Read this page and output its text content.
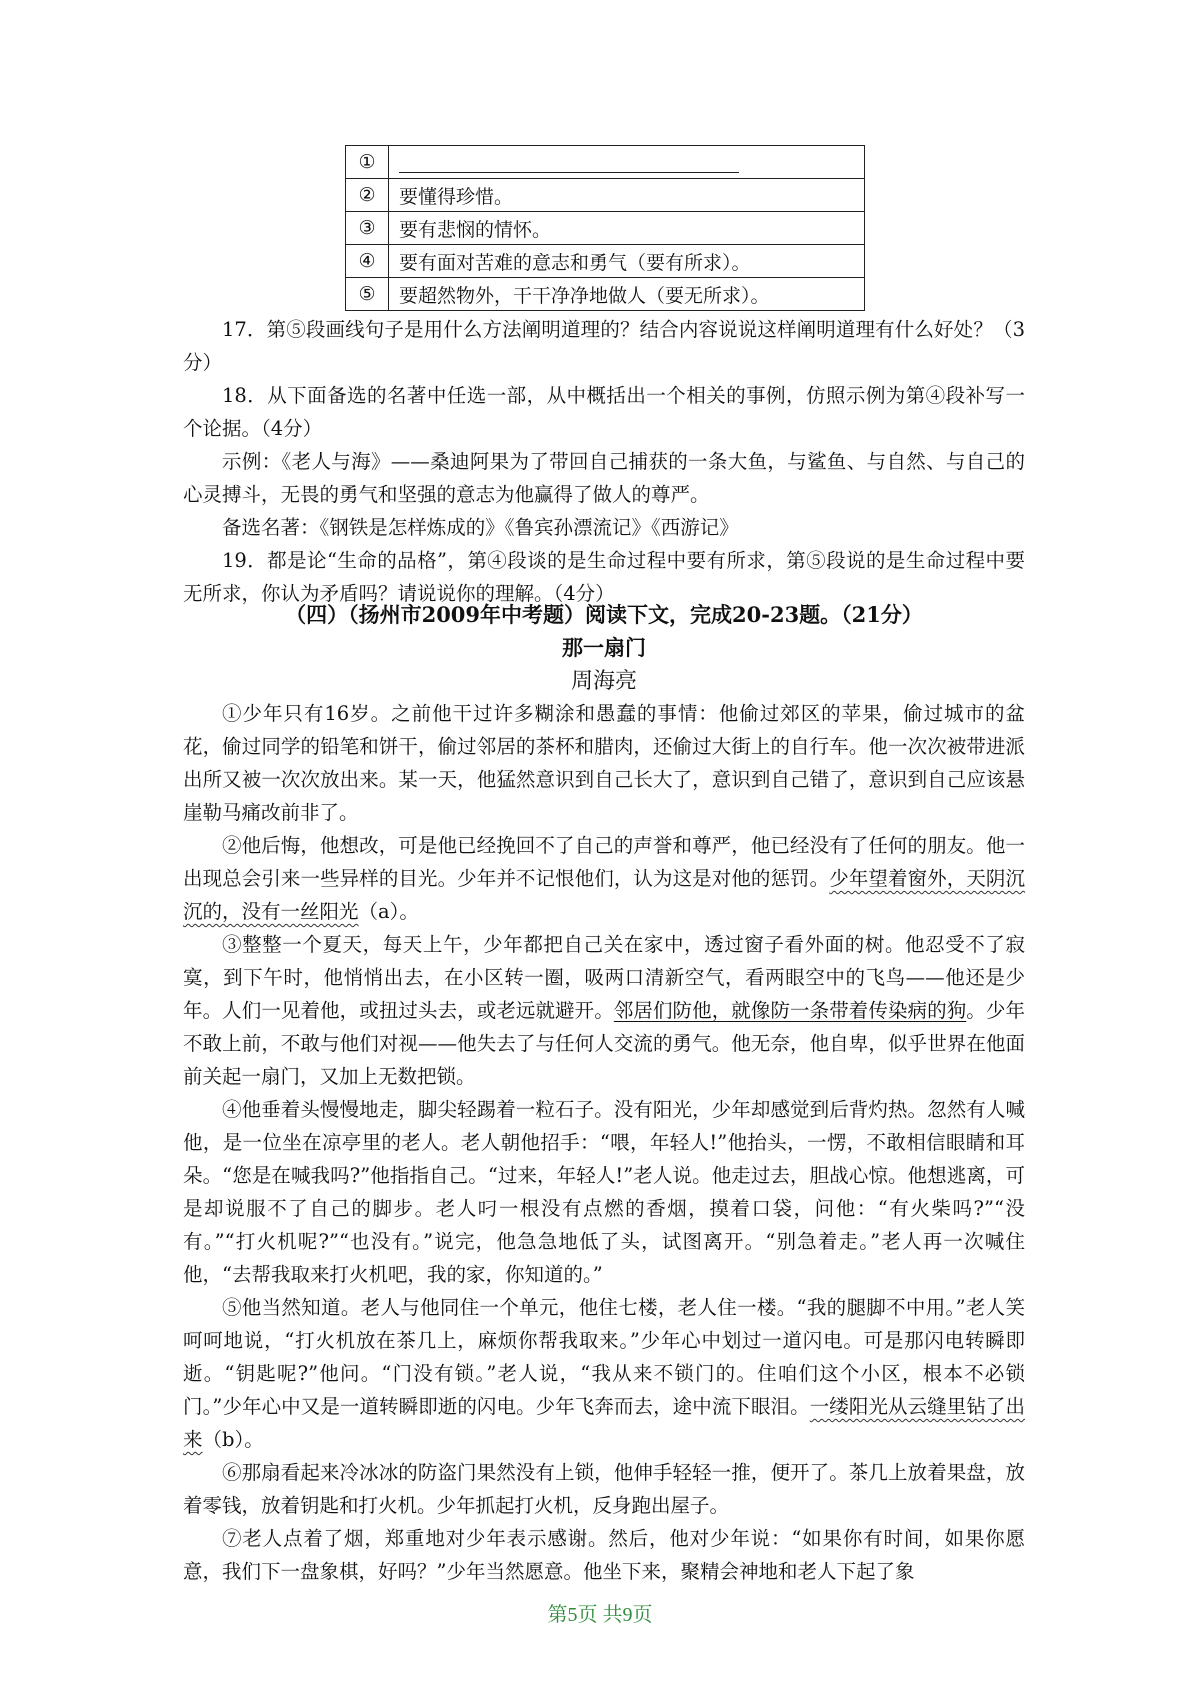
①	
②	要懂得珍惜。
③	要有悲悯的情怀。
④	要有面对苦难的意志和勇气（要有所求）。
⑤	要超然物外，干干净净地做人（要无所求）。

17．第⑤段画线句子是用什么方法阐明道理的？结合内容说说这样阐明道理有什么好处？（3分）

18．从下面备选的名著中任选一部，从中概括出一个相关的事例，仿照示例为第④段补写一个论据。（4分）

示例：《老人与海》——桑迪阿果为了带回自己捕获的一条大鱼，与鲨鱼、与自然、与自己的心灵搏斗，无畏的勇气和坚强的意志为他赢得了做人的尊严。

备选名著：《钢铁是怎样炼成的》《鲁宾孙漂流记》《西游记》

19．都是论“生命的品格”，第④段谈的是生命过程中要有所求，第⑤段说的是生命过程中要无所求，你认为矛盾吗？请说说你的理解。（4分）

（四）（扬州市2009年中考题）阅读下文，完成20-23题。（21分）
那一扇门
周海亮

①少年只有16岁。之前他干过许多糊涂和愚蠢的事情：他偷过郊区的苹果，偷过城市的盆花，偷过同学的铅笔和饼干，偷过邻居的茶杯和腊肉，还偷过大街上的自行车。他一次次被带进派出所又被一次次放出来。某一天，他猛然意识到自己长大了，意识到自己错了，意识到自己应该悬崖勒马痛改前非了。

②他后悔，他想改，可是他已经挽回不了自己的声誉和尊严，他已经没有了任何的朋友。他一出现总会引来一些异样的目光。少年并不记恨他们，认为这是对他的惩罚。少年望着窗外，天阴沉沉的，没有一丝阳光（a）。

③整整一个夏天，每天上午，少年都把自己关在家中，透过窗子看外面的树。他忍受不了寂寞，到下午时，他悄悄出去，在小区转一圈，吸两口清新空气，看两眼空中的飞鸟——他还是少年。人们一见着他，或扭过头去，或老远就避开。邻居们防他，就像防一条带着传染病的狗。少年不敢上前，不敢与他们对视——他失去了与任何人交流的勇气。他无奈，他自卑，似乎世界在他面前关起一扇门，又加上无数把锁。

④他垂着头慢慢地走，脚尖轻踢着一粒石子。没有阳光，少年却感觉到后背灼热。忽然有人喊他，是一位坐在凉亭里的老人。老人朝他招手：“喂，年轻人!”他抬头，一愣，不敢相信眼睛和耳朵。“您是在喊我吗?”他指指自己。“过来，年轻人!”老人说。他走过去，胆战心惊。他想逃离，可是却说服不了自己的脚步。老人叼一根没有点燃的香烟，摸着口袋，问他：“有火柴吗?”“没有。”“打火机呢?”“也没有。”说完，他急急地低了头，试图离开。“别急着走。”老人再一次喊住他，“去帮我取来打火机吧，我的家，你知道的。”

⑤他当然知道。老人与他同住一个单元，他住七楼，老人住一楼。“我的腿脚不中用。”老人笑呵呵地说，“打火机放在茶几上，麻烦你帮我取来。”少年心中划过一道闪电。可是那闪电转瞬即逝。“钥匙呢?”他问。“门没有锁。”老人说，“我从来不锁门的。住咱们这个小区，根本不必锁门。”少年心中又是一道转瞬即逝的闪电。少年飞奔而去，途中流下眼泪。一缕阳光从云缝里钻了出来（b）。

⑥那扇看起来冷冰冰的防盗门果然没有上锁，他伸手轻轻一推，便开了。茶几上放着果盘，放着零钱，放着钥匙和打火机。少年抓起打火机，反身跑出屋子。

⑦老人点着了烟，郑重地对少年表示感谢。然后，他对少年说：“如果你有时间，如果你愿意，我们下一盘象棋，好吗？”少年当然愿意。他坐下来，聚精会神地和老人下起了象

第5页 共9页
